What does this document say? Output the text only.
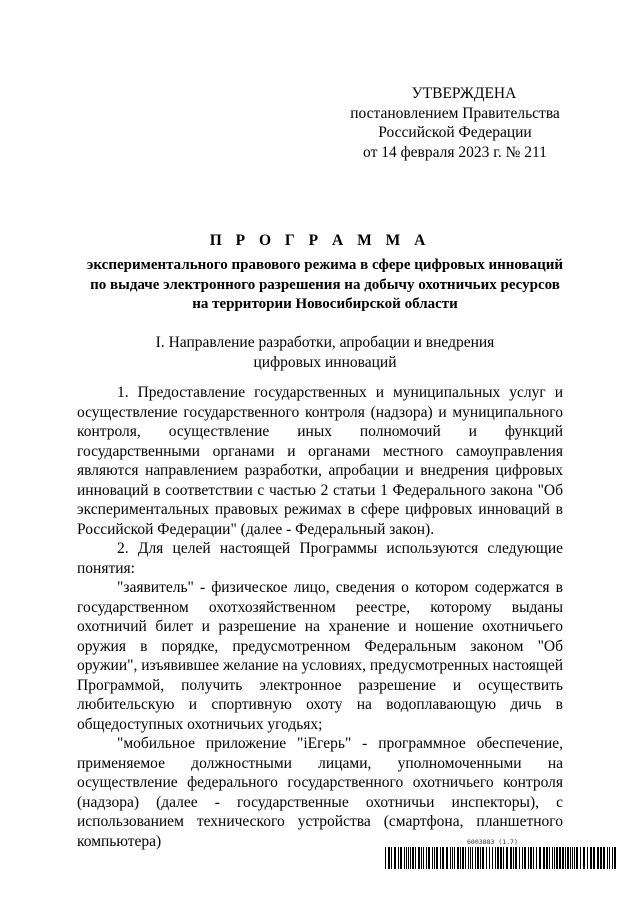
УТВЕРЖДЕНА
постановлением Правительства
Российской Федерации
от 14 февраля 2023 г. № 211
П Р О Г Р А М М А
экспериментального правового режима в сфере цифровых инноваций
по выдаче электронного разрешения на добычу охотничьих ресурсов
на территории Новосибирской области
I. Направление разработки, апробации и внедрения
цифровых инноваций

1. Предоставление государственных и муниципальных услуг и осуществление государственного контроля (надзора) и муниципального контроля, осуществление иных полномочий и функций государственными органами и органами местного самоуправления являются направлением разработки, апробации и внедрения цифровых инноваций в соответствии с частью 2 статьи 1 Федерального закона "Об экспериментальных правовых режимах в сфере цифровых инноваций в Российской Федерации" (далее - Федеральный закон).

2. Для целей настоящей Программы используются следующие понятия:

"заявитель" - физическое лицо, сведения о котором содержатся в государственном охотхозяйственном реестре, которому выданы охотничий билет и разрешение на хранение и ношение охотничьего оружия в порядке, предусмотренном Федеральным законом "Об оружии", изъявившее желание на условиях, предусмотренных настоящей Программой, получить электронное разрешение и осуществить любительскую и спортивную охоту на водоплавающую дичь в общедоступных охотничьих угодьях;

"мобильное приложение "iЕгерь" - программное обеспечение, применяемое должностными лицами, уполномоченными на осуществление федерального государственного охотничьего контроля (надзора) (далее - государственные охотничьи инспекторы), с использованием технического устройства (смартфона, планшетного компьютера)	6003883 (1.7)
